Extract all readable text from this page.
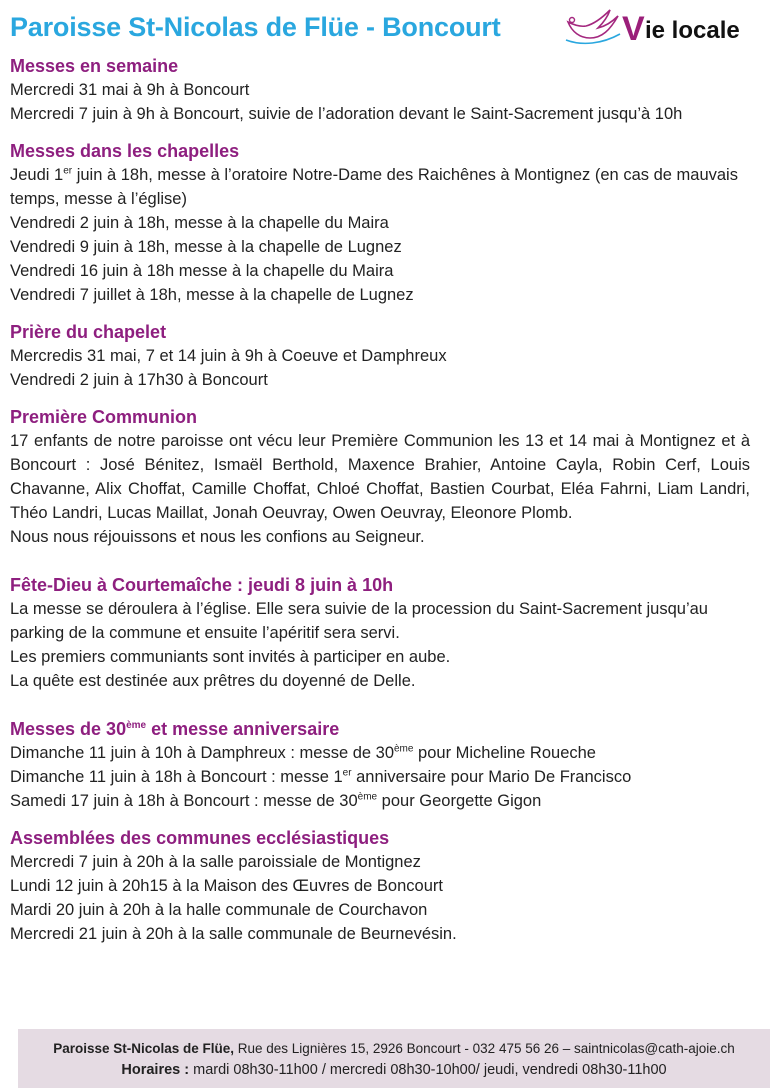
Paroisse St-Nicolas de Flüe - Boncourt	V ie locale

Messes en semaine

Mercredi 31 mai à 9h à Boncourt

Mercredi 7 juin à 9h à Boncourt, suivie de l’adoration devant le Saint-Sacrement jusqu’à 10h

Messes dans les chapelles

Jeudi 1er juin à 18h, messe à l’oratoire Notre-Dame des Raichênes à Montignez (en cas de mauvais temps, messe à l’église)

Vendredi 2 juin à 18h, messe à la chapelle du Maira

Vendredi 9 juin à 18h, messe à la chapelle de Lugnez

Vendredi 16 juin à 18h messe à la chapelle du Maira

Vendredi 7 juillet à 18h, messe à la chapelle de Lugnez

Prière du chapelet

Mercredis 31 mai, 7 et 14 juin à 9h à Coeuve et Damphreux

Vendredi 2 juin à 17h30 à Boncourt

Première Communion

17 enfants de notre paroisse ont vécu leur Première Communion les 13 et 14 mai à Montignez et à Boncourt : José Bénitez, Ismaël Berthold, Maxence Brahier, Antoine Cayla, Robin Cerf, Louis Chavanne, Alix Choffat, Camille Choffat, Chloé Choffat, Bastien Courbat, Eléa Fahrni, Liam Landri, Théo Landri, Lucas Maillat, Jonah Oeuvray, Owen Oeuvray, Eleonore Plomb.

Nous nous réjouissons et nous les confions au Seigneur.

Fête-Dieu à Courtemaîche : jeudi 8 juin à 10h

La messe se déroulera à l’église. Elle sera suivie de la procession du Saint-Sacrement jusqu’au parking de la commune et ensuite l’apéritif sera servi.

Les premiers communiants sont invités à participer en aube.

La quête est destinée aux prêtres du doyenné de Delle.

Messes de 30ème et messe anniversaire

Dimanche 11 juin à 10h à Damphreux : messe de 30ème pour Micheline Roueche

Dimanche 11 juin à 18h à Boncourt : messe 1er anniversaire pour Mario De Francisco

Samedi 17 juin à 18h à Boncourt : messe de 30ème pour Georgette Gigon

Assemblées des communes ecclésiastiques

Mercredi 7 juin à 20h à la salle paroissiale de Montignez

Lundi 12 juin à 20h15 à la Maison des Œuvres de Boncourt

Mardi 20 juin à 20h à la halle communale de Courchavon

Mercredi 21 juin à 20h à la salle communale de Beurnevésin.

Paroisse St-Nicolas de Flüe, Rue des Lignières 15, 2926 Boncourt - 032 475 56 26 – saintnicolas@cath-ajoie.ch
Horaires : mardi 08h30-11h00 / mercredi 08h30-10h00/ jeudi, vendredi 08h30-11h00
